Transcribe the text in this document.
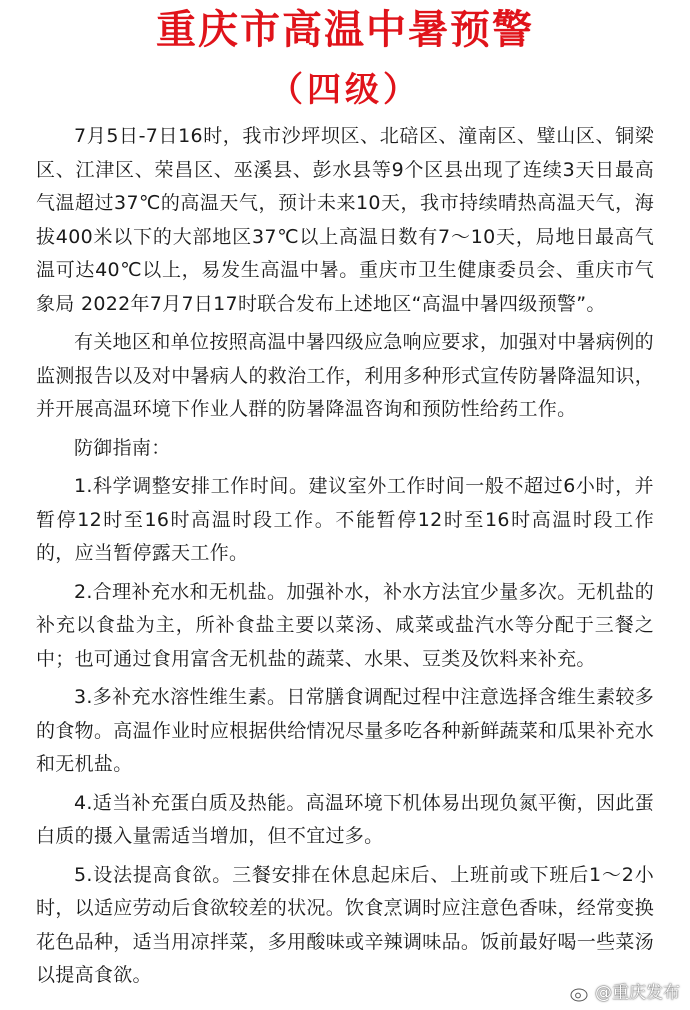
重庆市高温中暑预警
（四级）

7月5日-7日16时，我市沙坪坝区、北碚区、潼南区、璧山区、铜梁区、江津区、荣昌区、巫溪县、彭水县等9个区县出现了连续3天日最高气温超过37℃的高温天气，预计未来10天，我市持续晴热高温天气，海拔400米以下的大部地区37℃以上高温日数有7～10天，局地日最高气温可达40℃以上，易发生高温中暑。重庆市卫生健康委员会、重庆市气象局 2022年7月7日17时联合发布上述地区“高温中暑四级预警”。

有关地区和单位按照高温中暑四级应急响应要求，加强对中暑病例的监测报告以及对中暑病人的救治工作，利用多种形式宣传防暑降温知识，并开展高温环境下作业人群的防暑降温咨询和预防性给药工作。

防御指南：

1.科学调整安排工作时间。建议室外工作时间一般不超过6小时，并暂停12时至16时高温时段工作。不能暂停12时至16时高温时段工作的，应当暂停露天工作。

2.合理补充水和无机盐。加强补水，补水方法宜少量多次。无机盐的补充以食盐为主，所补食盐主要以菜汤、咸菜或盐汽水等分配于三餐之中；也可通过食用富含无机盐的蔬菜、水果、豆类及饮料来补充。

3.多补充水溶性维生素。日常膳食调配过程中注意选择含维生素较多的食物。高温作业时应根据供给情况尽量多吃各种新鲜蔬菜和瓜果补充水和无机盐。

4.适当补充蛋白质及热能。高温环境下机体易出现负氮平衡，因此蛋白质的摄入量需适当增加，但不宜过多。

5.设法提高食欲。三餐安排在休息起床后、上班前或下班后1～2小时，以适应劳动后食欲较差的状况。饮食烹调时应注意色香味，经常变换花色品种，适当用凉拌菜，多用酸味或辛辣调味品。饭前最好喝一些菜汤以提高食欲。

@重庆发布
